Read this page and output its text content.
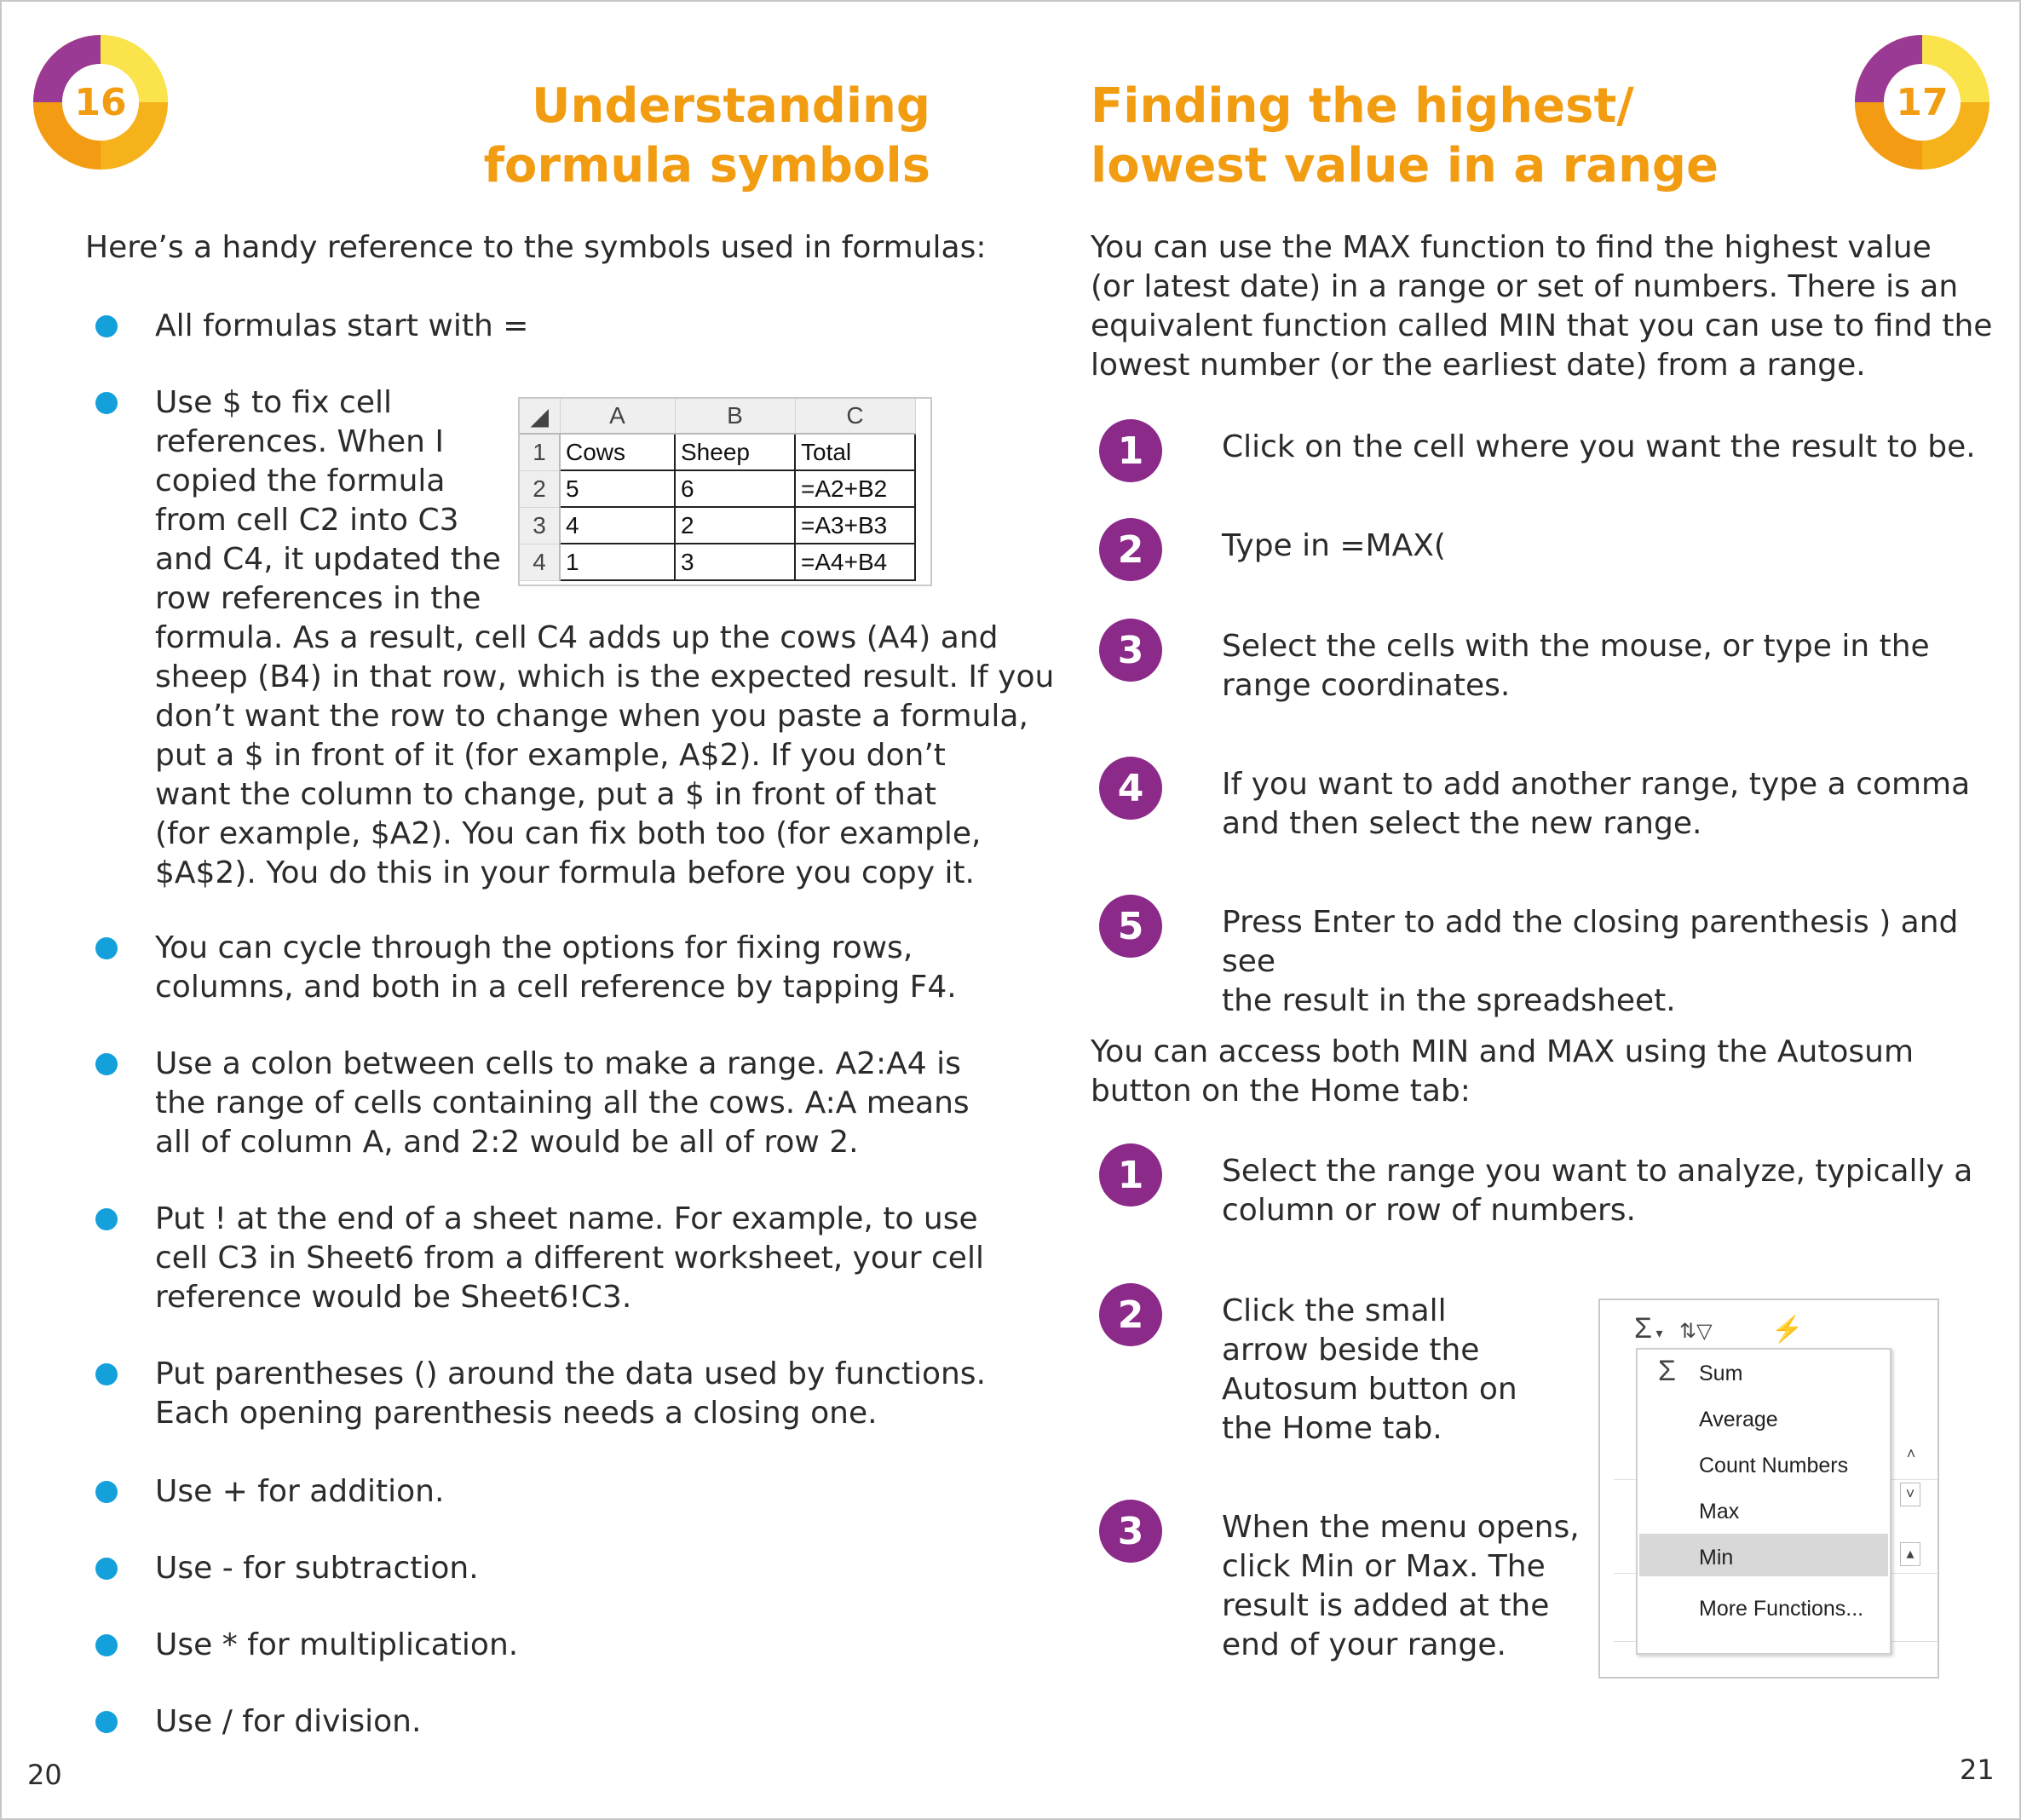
16	17
Understanding
formula symbols
Finding the highest/
lowest value in a range

Here’s a handy reference to the symbols used in formulas:

All formulas start with =
Use $ to fix cell
references. When I
copied the formula
from cell C2 into C3
and C4, it updated the
row references in the
formula. As a result, cell C4 adds up the cows (A4) and
sheep (B4) in that row, which is the expected result. If you
don’t want the row to change when you paste a formula,
put a $ in front of it (for example, A$2). If you don’t
want the column to change, put a $ in front of that
(for example, $A2). You can fix both too (for example,
$A$2). You do this in your formula before you copy it.
◢	A	B	C
1	Cows	Sheep	Total
2	5	6	=A2+B2
3	4	2	=A3+B3
4	1	3	=A4+B4
You can cycle through the options for fixing rows,
columns, and both in a cell reference by tapping F4.
Use a colon between cells to make a range. A2:A4 is
the range of cells containing all the cows. A:A means
all of column A, and 2:2 would be all of row 2.
Put ! at the end of a sheet name. For example, to use
cell C3 in Sheet6 from a different worksheet, your cell
reference would be Sheet6!C3.
Put parentheses () around the data used by functions.
Each opening parenthesis needs a closing one.
Use + for addition.
Use - for subtraction.
Use * for multiplication.
Use / for division.
20
You can use the MAX function to find the highest value
(or latest date) in a range or set of numbers. There is an
equivalent function called MIN that you can use to find the
lowest number (or the earliest date) from a range.
1	Click on the cell where you want the result to be.
2	Type in =MAX(
3	Select the cells with the mouse, or type in the
range coordinates.
4	If you want to add another range, type a comma
and then select the new range.
5	Press Enter to add the closing parenthesis ) and see
the result in the spreadsheet.
You can access both MIN and MAX using the Autosum
button on the Home tab:
1	Select the range you want to analyze, typically a
column or row of numbers.
2	Click the small
arrow beside the
Autosum button on
the Home tab.
3	When the menu opens,
click Min or Max. The
result is added at the
end of your range.
Σ ▾ ⇅▽ ⚡
˄
˅
▴
Σ Sum
Average
Count Numbers
Max
Min
More Functions...
21
